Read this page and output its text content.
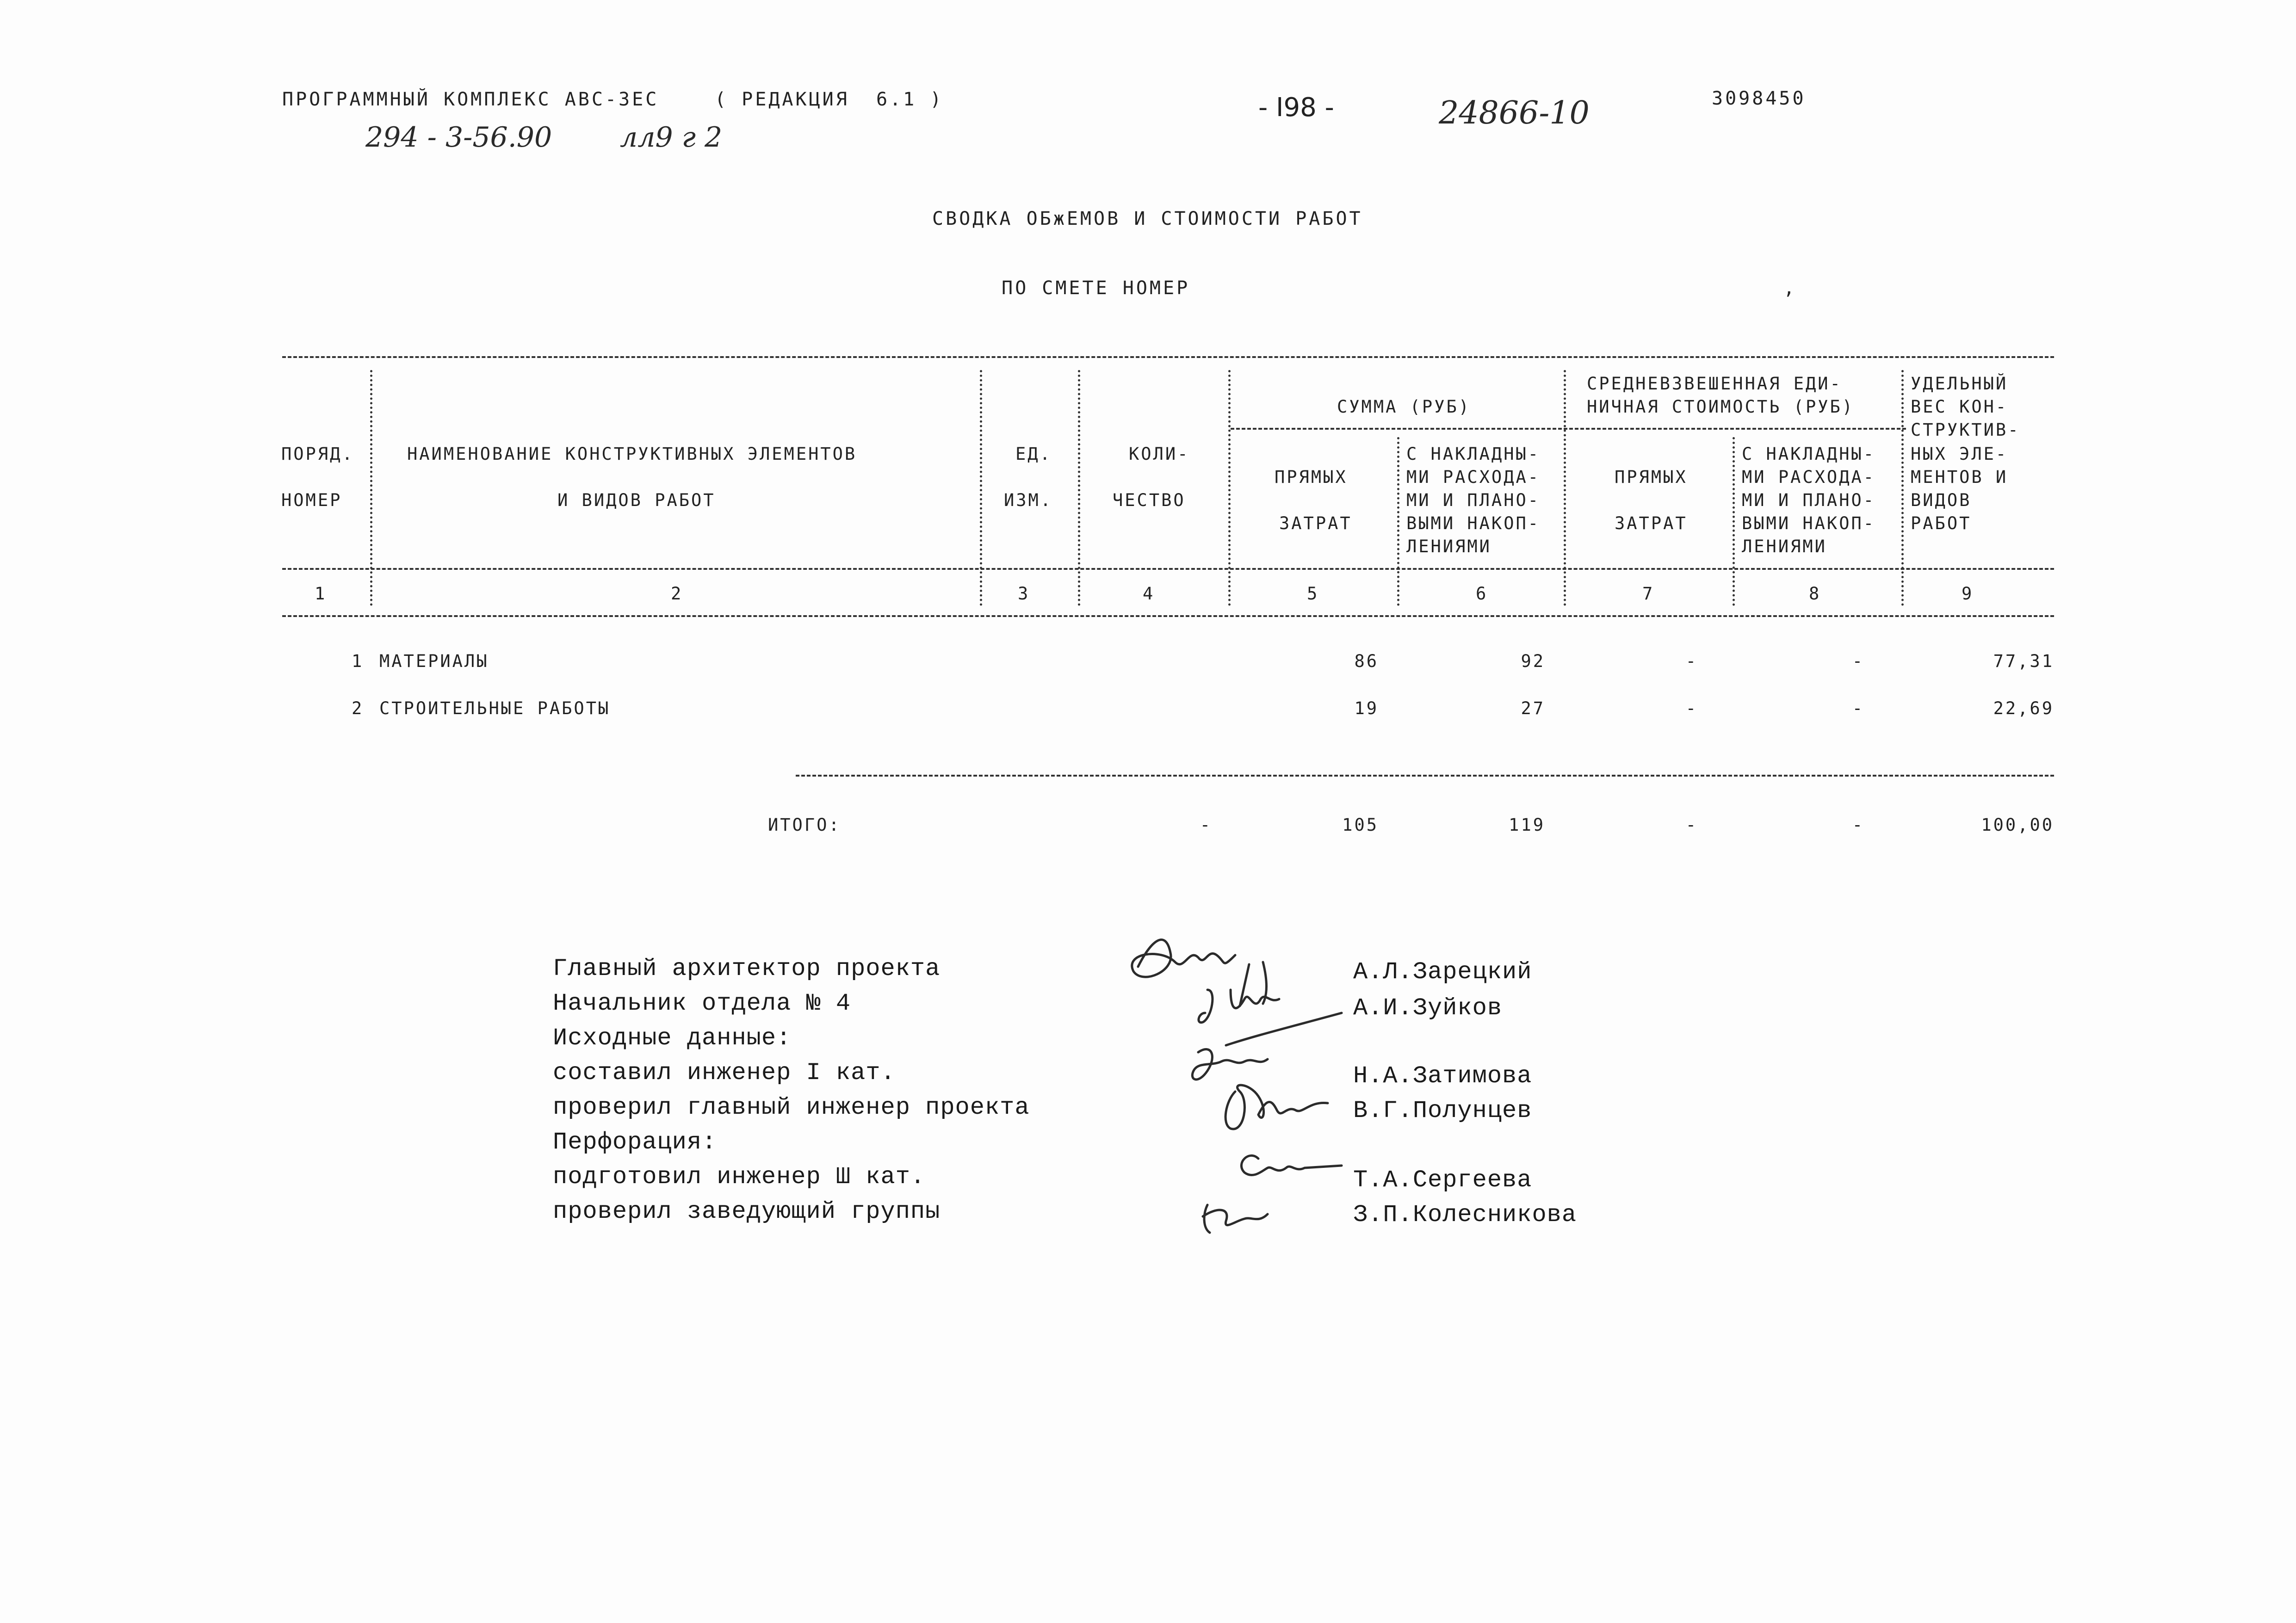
ПРОГРАММНЫЙ КОМПЛЕКС АВС-ЗЕС	( РЕДАКЦИЯ  6.1 )	- I98 -	24866-10	3098450
294 - 3-56.90 лл9 г 2
СВОДКА ОБжЕМОВ И СТОИМОСТИ РАБОТ
ПО СМЕТЕ НОМЕР	,
ПОРЯД.
НОМЕР
НАИМЕНОВАНИЕ КОНСТРУКТИВНЫХ ЭЛЕМЕНТОВ
И ВИДОВ РАБОТ
ЕД.
ИЗМ.
КОЛИ-
ЧЕСТВО
СУММА (РУБ)
ПРЯМЫХ
ЗАТРАТ
С НАКЛАДНЫ-
МИ РАСХОДА-
МИ И ПЛАНО-
ВЫМИ НАКОП-
ЛЕНИЯМИ
СРЕДНЕВЗВЕШЕННАЯ ЕДИ-
НИЧНАЯ СТОИМОСТЬ (РУБ)
ПРЯМЫХ
ЗАТРАТ
С НАКЛАДНЫ-
МИ РАСХОДА-
МИ И ПЛАНО-
ВЫМИ НАКОП-
ЛЕНИЯМИ
УДЕЛЬНЫЙ
ВЕС КОН-
СТРУКТИВ-
НЫХ ЭЛЕ-
МЕНТОВ И
ВИДОВ
РАБОТ
1	2	3	4	5	6	7	8	9
1 МАТЕРИАЛЫ	86	92	-	-	77,31
2 СТРОИТЕЛЬНЫЕ РАБОТЫ	19	27	-	-	22,69
ИТОГО:	-	105	119	-	-	100,00
Главный архитектор проекта
Начальник отдела № 4
Исходные данные:
составил инженер I кат.
проверил главный инженер проекта
Перфорация:
подготовил инженер Ш кат.
проверил заведующий группы
А.Л.Зарецкий
А.И.Зуйков
Н.А.Затимова
В.Г.Полунцев
Т.А.Сергеева
З.П.Колесникова
